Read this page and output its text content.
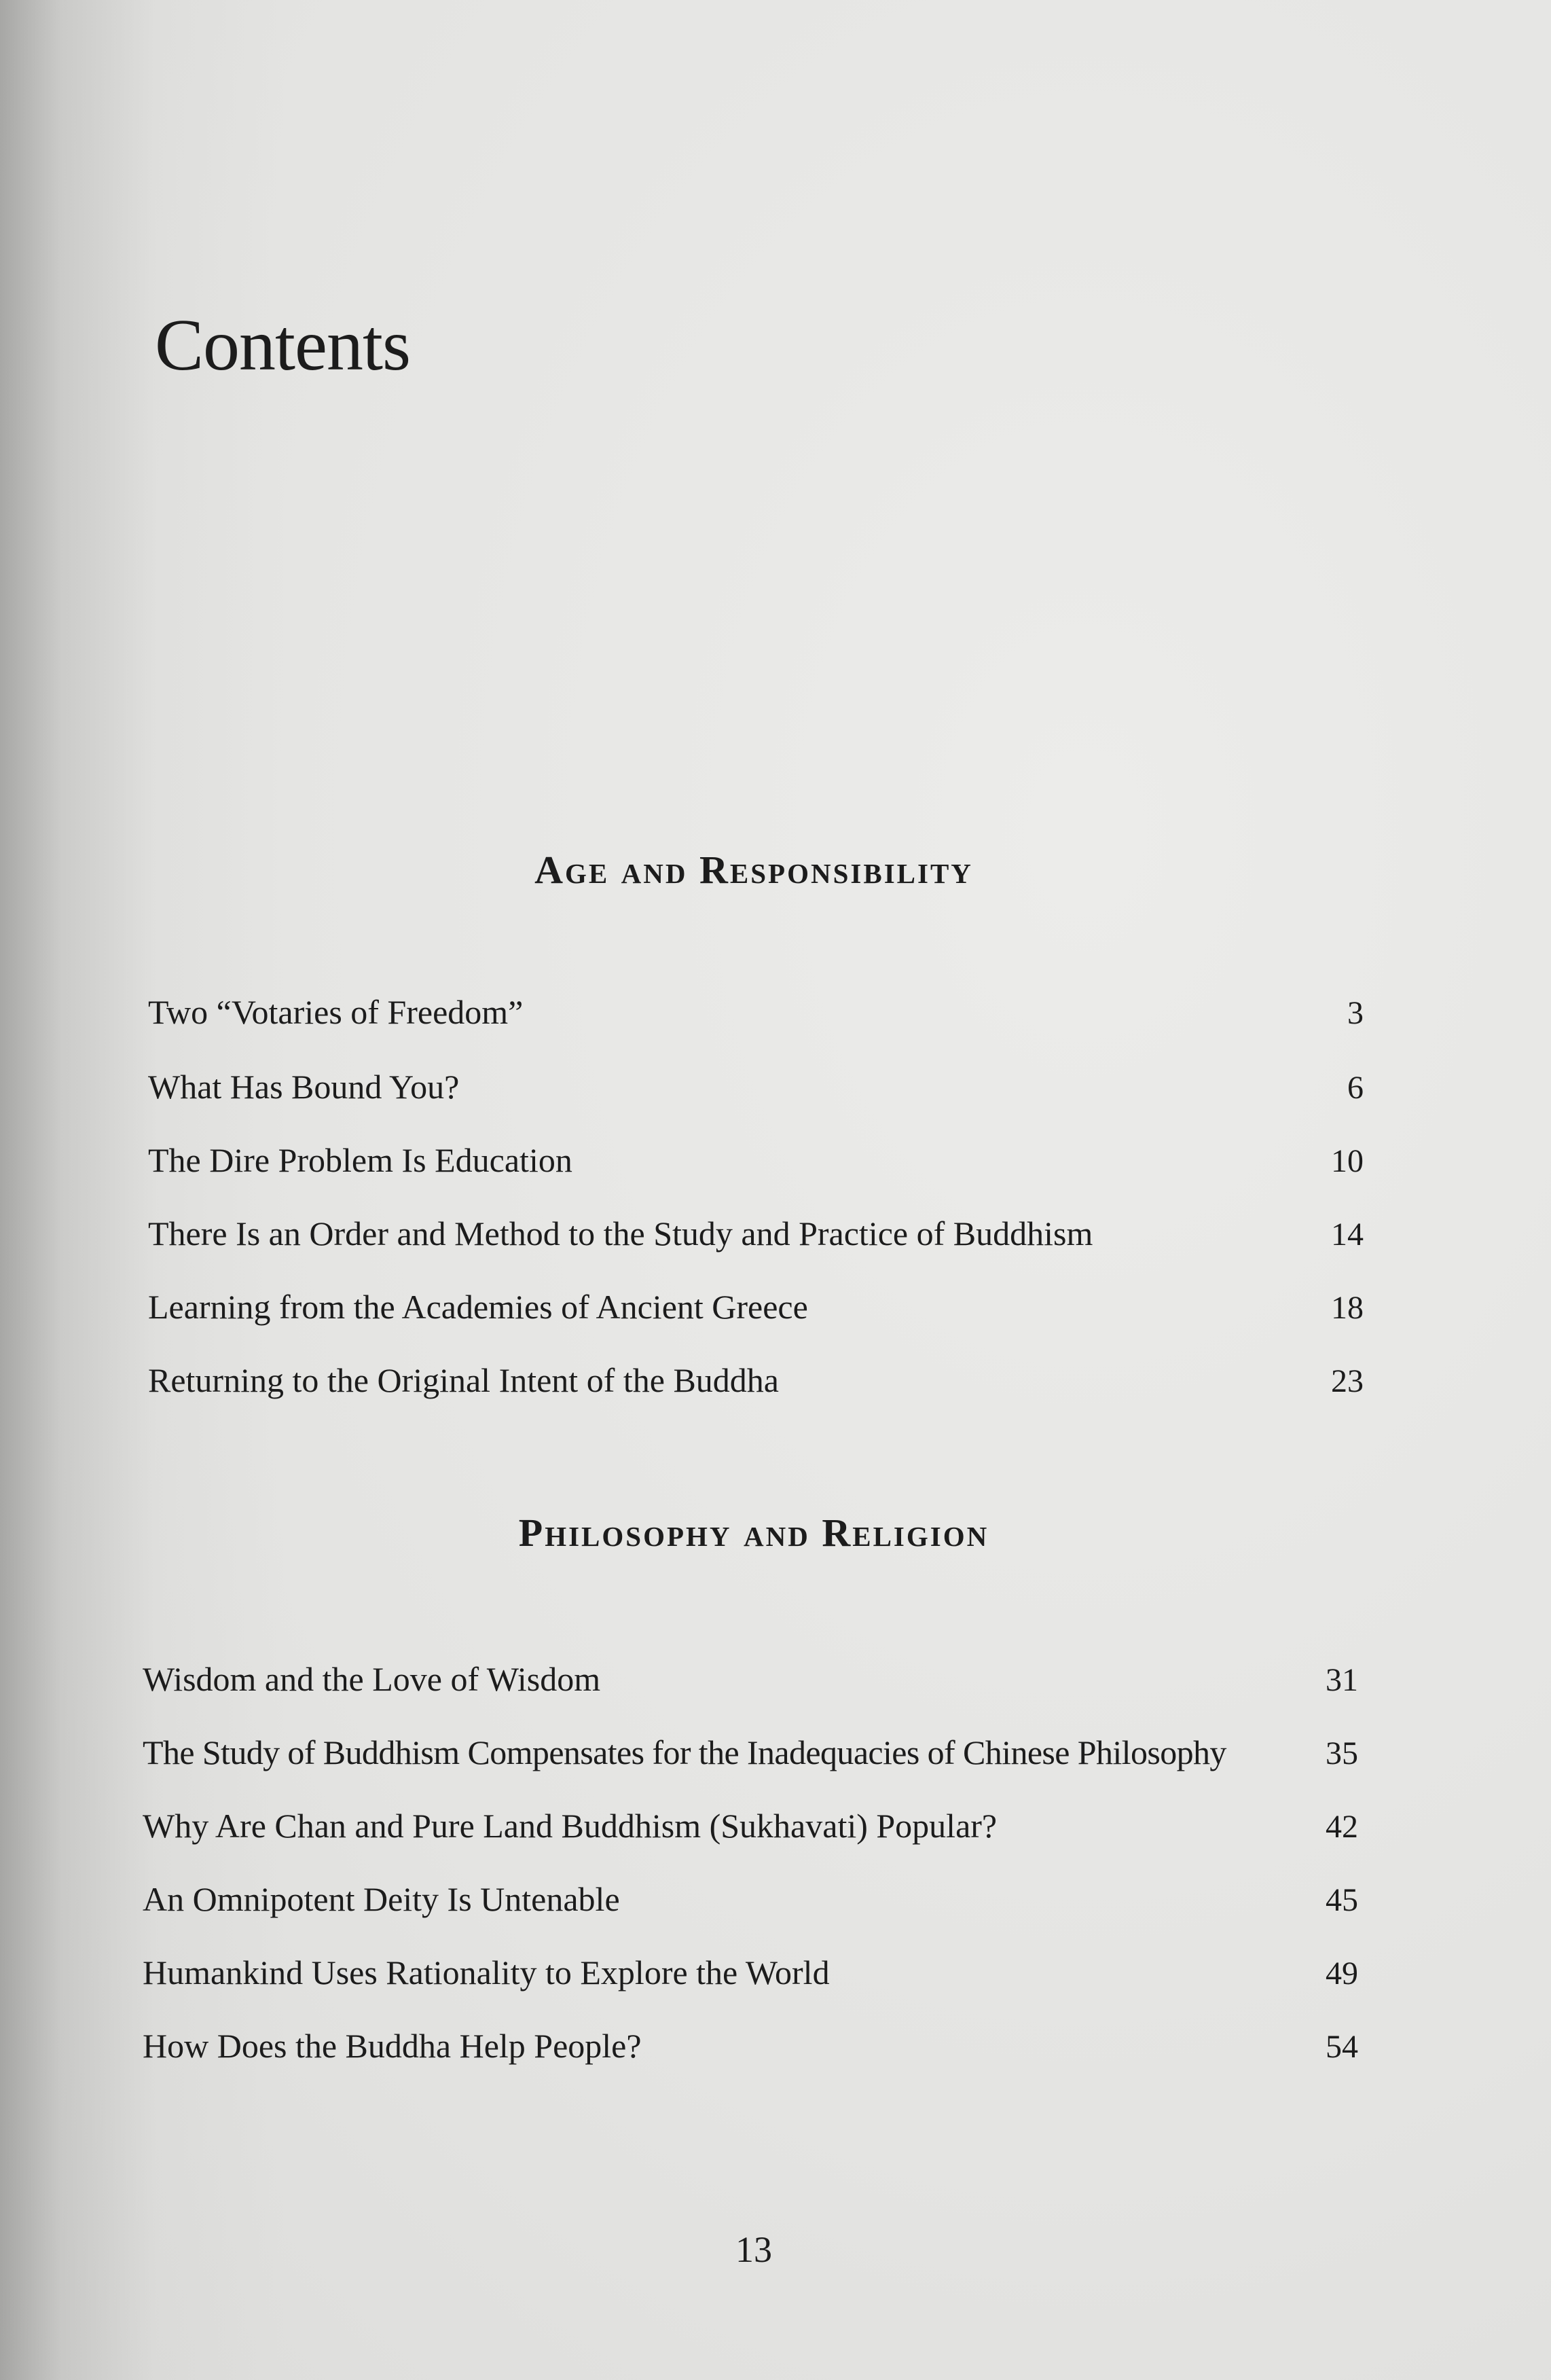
Contents
Age and Responsibility
Two “Votaries of Freedom”	3
What Has Bound You?	6
The Dire Problem Is Education	10
There Is an Order and Method to the Study and Practice of Buddhism	14
Learning from the Academies of Ancient Greece	18
Returning to the Original Intent of the Buddha	23
Philosophy and Religion
Wisdom and the Love of Wisdom	31
The Study of Buddhism Compensates for the Inadequacies of Chinese Philosophy	35
Why Are Chan and Pure Land Buddhism (Sukhavati) Popular?	42
An Omnipotent Deity Is Untenable	45
Humankind Uses Rationality to Explore the World	49
How Does the Buddha Help People?	54
13
